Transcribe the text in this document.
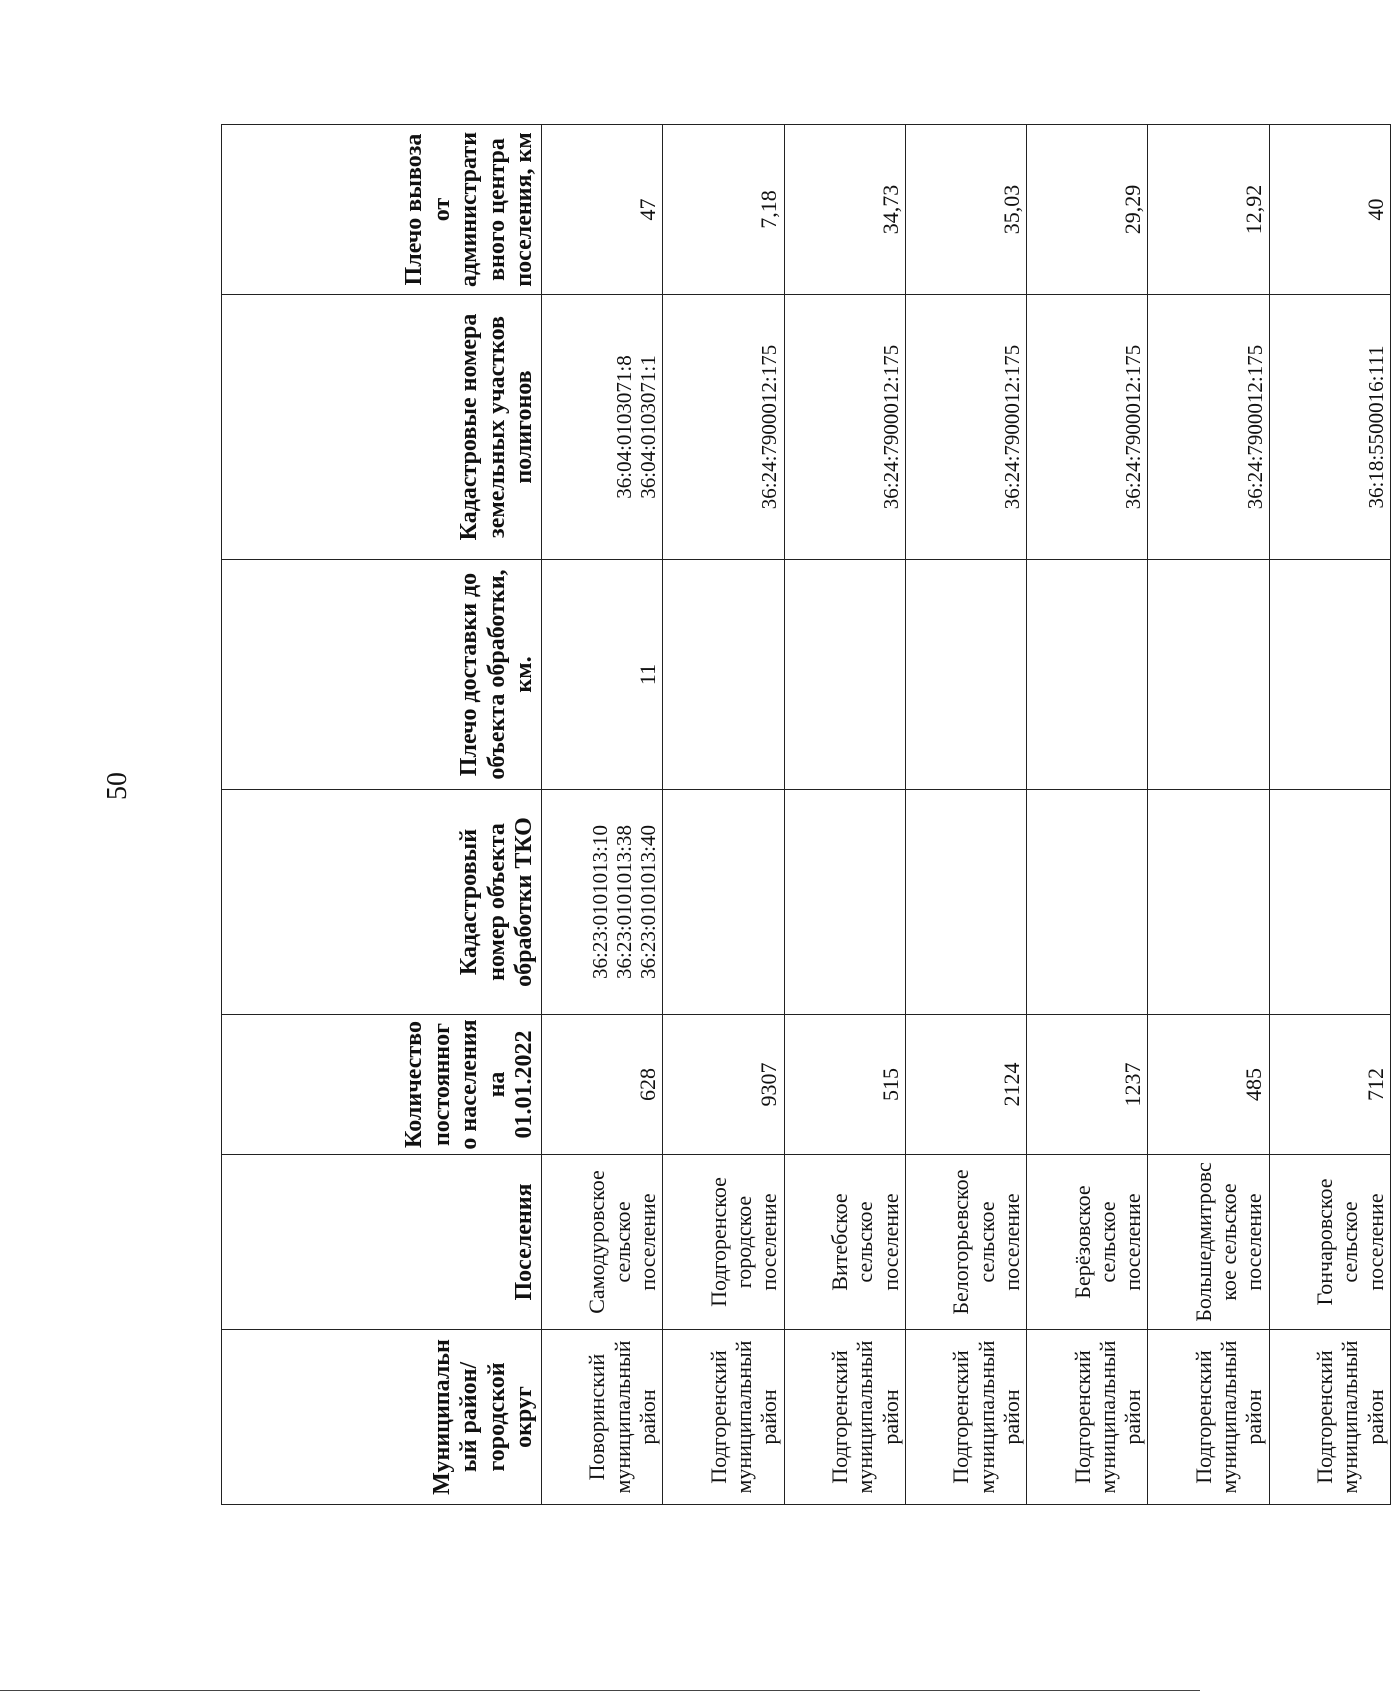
50
Муниципальный район/ городской округ	Поселения	Количество постоянного населения на 01.01.2022	Кадастровый номер объекта обработки ТКО	Плечо доставки до объекта обработки, км.	Кадастровые номера земельных участков полигонов	Плечо вывоза от административного центра поселения, км
Поворинский муниципальный район	Самодуровское сельское поселение	628	36:23:0101013:10 36:23:0101013:38 36:23:0101013:40	11	36:04:0103071:8 36:04:0103071:1	47
Подгоренский муниципальный район	Подгоренское городское поселение	9307			36:24:7900012:175	7,18
Подгоренский муниципальный район	Витебское сельское поселение	515			36:24:7900012:175	34,73
Подгоренский муниципальный район	Белогорьевское сельское поселение	2124			36:24:7900012:175	35,03
Подгоренский муниципальный район	Берёзовское сельское поселение	1237			36:24:7900012:175	29,29
Подгоренский муниципальный район	Большедмитровское сельское поселение	485			36:24:7900012:175	12,92
Подгоренский муниципальный район	Гончаровское сельское поселение	712			36:18:5500016:111	40
